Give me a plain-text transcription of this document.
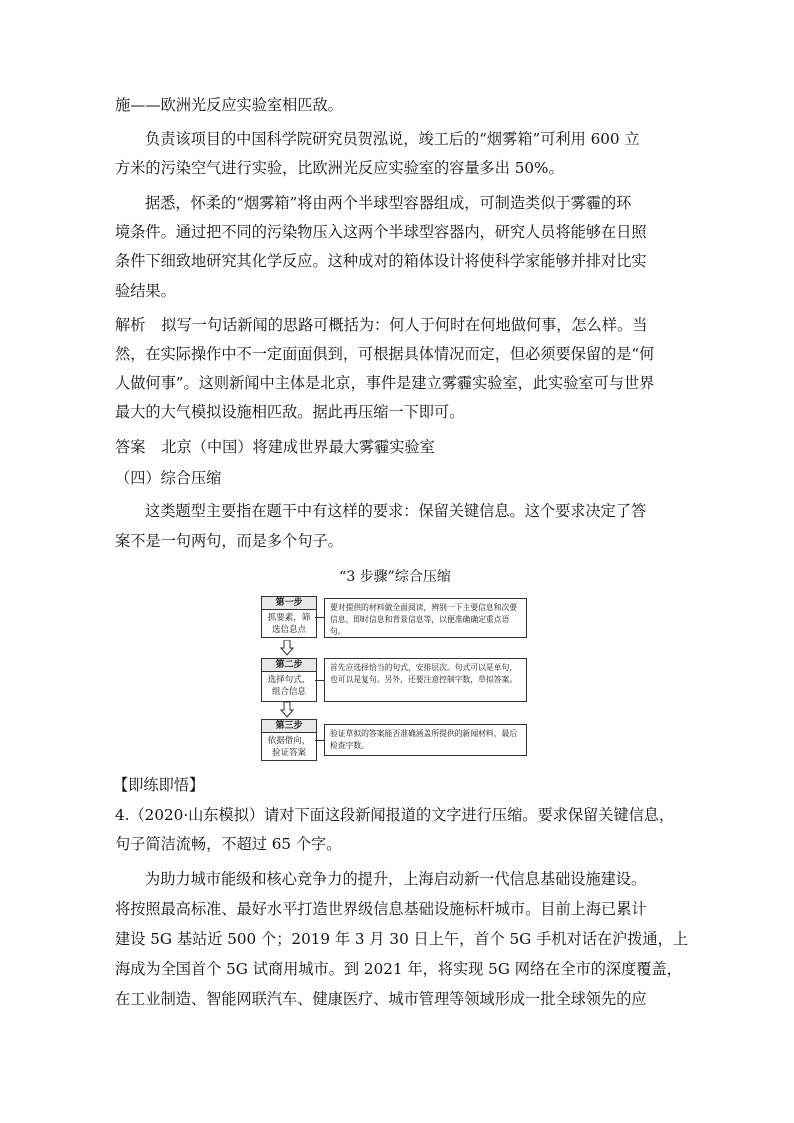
施——欧洲光反应实验室相匹敌。
负责该项目的中国科学院研究员贺泓说，竣工后的“烟雾箱”可利用 600 立
方米的污染空气进行实验，比欧洲光反应实验室的容量多出 50%。
据悉，怀柔的“烟雾箱”将由两个半球型容器组成，可制造类似于雾霾的环
境条件。通过把不同的污染物压入这两个半球型容器内，研究人员将能够在日照
条件下细致地研究其化学反应。这种成对的箱体设计将使科学家能够并排对比实
验结果。
解析 拟写一句话新闻的思路可概括为：何人于何时在何地做何事，怎么样。当
然，在实际操作中不一定面面俱到，可根据具体情况而定，但必须要保留的是“何
人做何事”。这则新闻中主体是北京，事件是建立雾霾实验室，此实验室可与世界
最大的大气模拟设施相匹敌。据此再压缩一下即可。
答案 北京（中国）将建成世界最大雾霾实验室
（四）综合压缩
这类题型主要指在题干中有这样的要求：保留关键信息。这个要求决定了答
案不是一句两句，而是多个句子。
“3 步骤”综合压缩
第一步
抓要素，筛
选信息点
要对提供的材料做全面阅读，辨别一下主要信息和次要信息，即时信息和背景信息等，以便准确确定重点语句。
第二步
选择句式，
组合信息
首先应选择恰当的句式，安排层次。句式可以是单句，也可以是复句。另外，还要注意控制字数，草拟答案。
第三步
依据借向，
验证答案
验证草拟的答案能否准确涵盖所提供的新闻材料，最后检查字数。
【即练即悟】
4.（2020·山东模拟）请对下面这段新闻报道的文字进行压缩。要求保留关键信息，
句子简洁流畅，不超过 65 个字。
为助力城市能级和核心竞争力的提升，上海启动新一代信息基础设施建设。
将按照最高标准、最好水平打造世界级信息基础设施标杆城市。目前上海已累计
建设 5G 基站近 500 个；2019 年 3 月 30 日上午，首个 5G 手机对话在沪拨通，上
海成为全国首个 5G 试商用城市。到 2021 年，将实现 5G 网络在全市的深度覆盖，
在工业制造、智能网联汽车、健康医疗、城市管理等领域形成一批全球领先的应
